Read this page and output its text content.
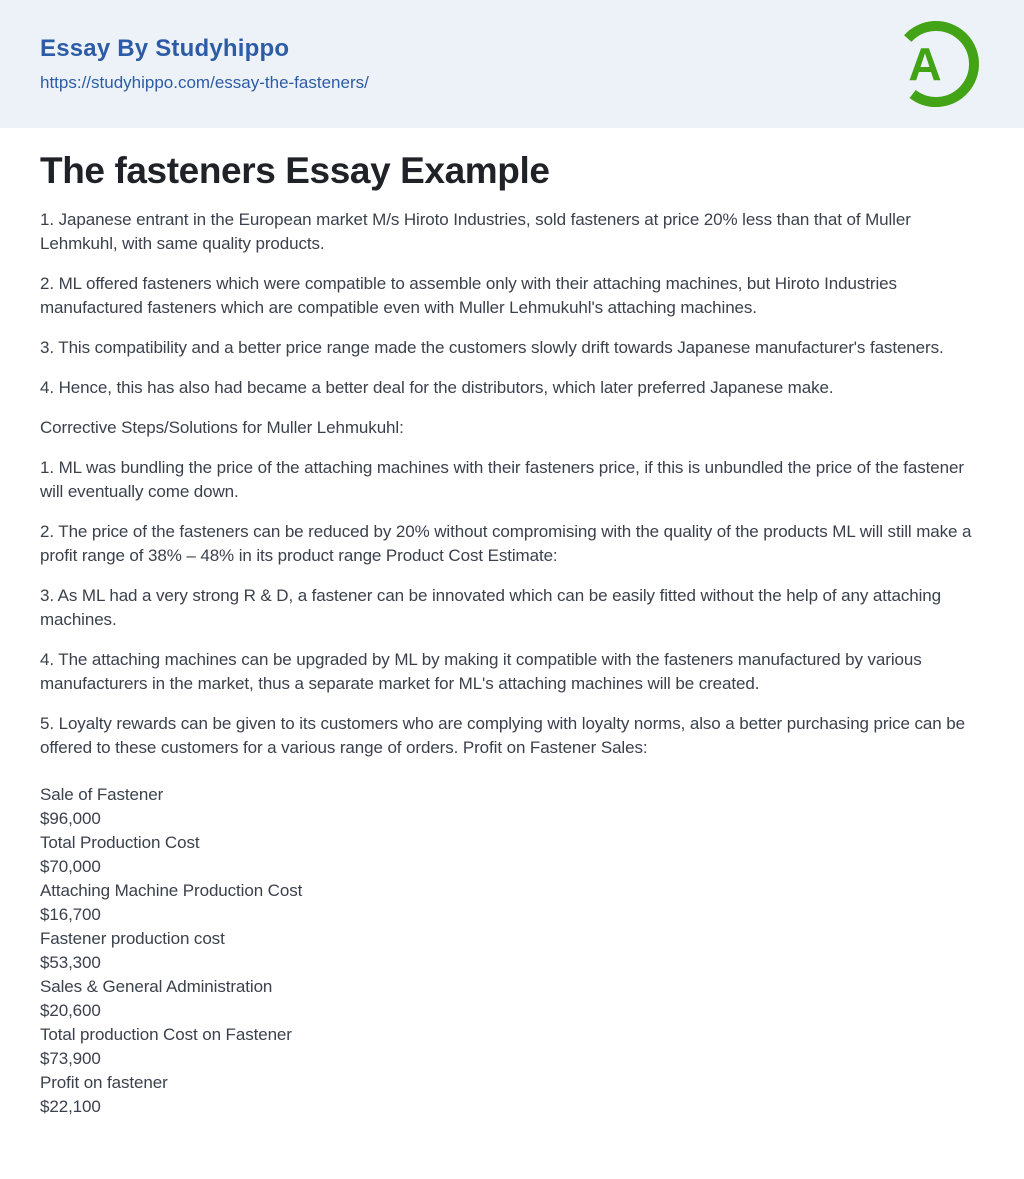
Essay By Studyhippo
https://studyhippo.com/essay-the-fasteners/	A
The fasteners Essay Example

1. Japanese entrant in the European market M/s Hiroto Industries, sold fasteners at price 20% less than that of Muller Lehmkuhl, with same quality products.

2. ML offered fasteners which were compatible to assemble only with their attaching machines, but Hiroto Industries manufactured fasteners which are compatible even with Muller Lehmukuhl's attaching machines.

3. This compatibility and a better price range made the customers slowly drift towards Japanese manufacturer's fasteners.

4. Hence, this has also had became a better deal for the distributors, which later preferred Japanese make.

Corrective Steps/Solutions for Muller Lehmukuhl:

1. ML was bundling the price of the attaching machines with their fasteners price, if this is unbundled the price of the fastener will eventually come down.

2. The price of the fasteners can be reduced by 20% without compromising with the quality of the products ML will still make a profit range of 38% – 48% in its product range Product Cost Estimate:

3. As ML had a very strong R & D, a fastener can be innovated which can be easily fitted without the help of any attaching machines.

4. The attaching machines can be upgraded by ML by making it compatible with the fasteners manufactured by various manufacturers in the market, thus a separate market for ML's attaching machines will be created.

5. Loyalty rewards can be given to its customers who are complying with loyalty norms, also a better purchasing price can be offered to these customers for a various range of orders. Profit on Fastener Sales:

Sale of Fastener
$96,000
Total Production Cost
$70,000
Attaching Machine Production Cost
$16,700
Fastener production cost
$53,300
Sales & General Administration
$20,600
Total production Cost on Fastener
$73,900
Profit on fastener
$22,100
